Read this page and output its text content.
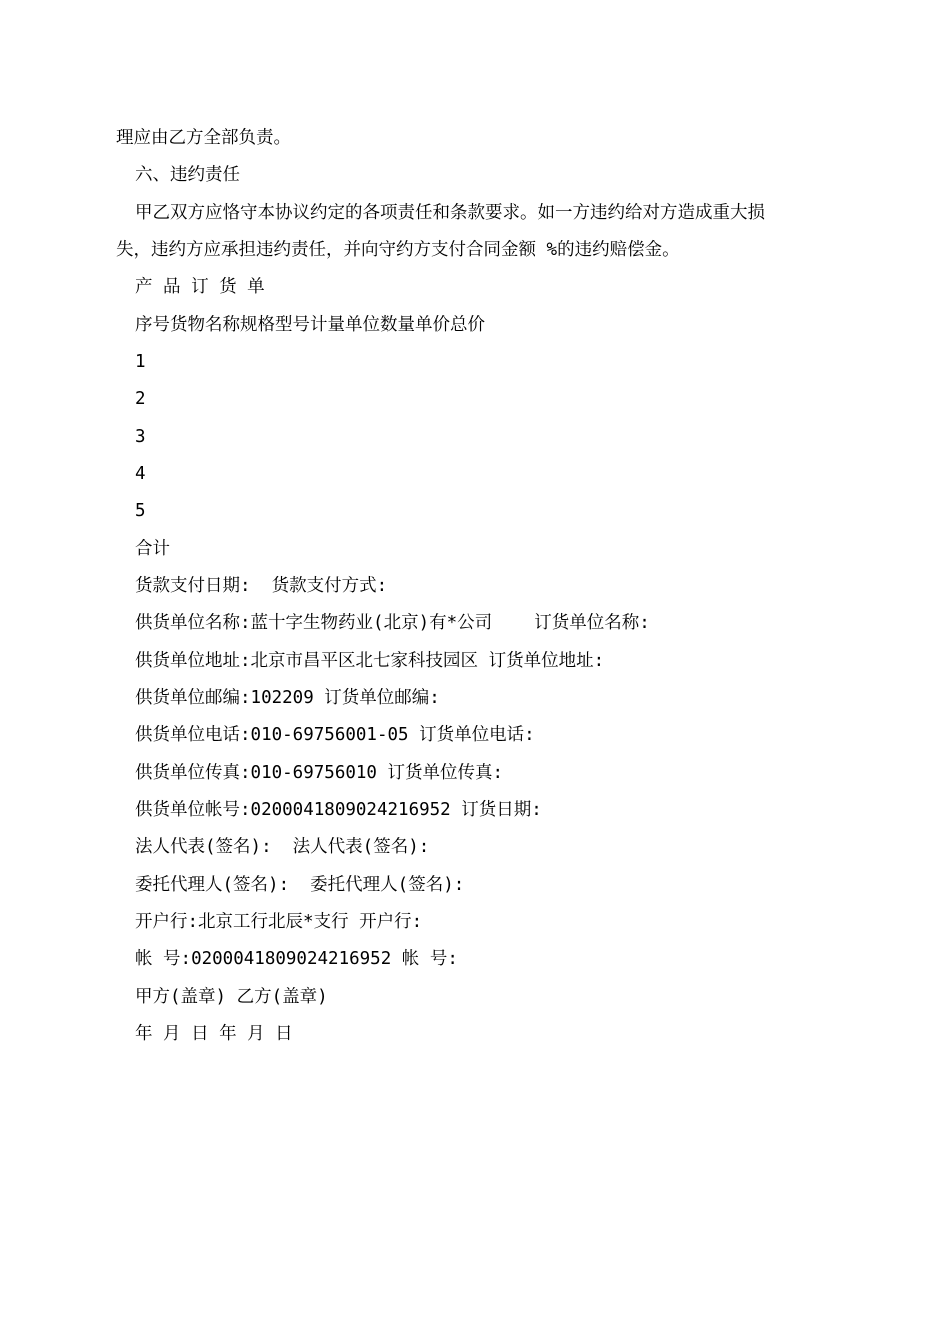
理应由乙方全部负责。
六、违约责任
甲乙双方应恪守本协议约定的各项责任和条款要求。如一方违约给对方造成重大损
失，违约方应承担违约责任，并向守约方支付合同金额 %的违约赔偿金。
产 品 订 货 单
序号货物名称规格型号计量单位数量单价总价
1
2
3
4
5
合计
货款支付日期:  货款支付方式:
供货单位名称:蓝十字生物药业(北京)有*公司    订货单位名称:
供货单位地址:北京市昌平区北七家科技园区 订货单位地址:
供货单位邮编:102209 订货单位邮编:
供货单位电话:010-69756001-05 订货单位电话:
供货单位传真:010-69756010 订货单位传真:
供货单位帐号:0200041809024216952 订货日期:
法人代表(签名):  法人代表(签名):
委托代理人(签名):  委托代理人(签名):
开户行:北京工行北辰*支行 开户行:
帐 号:0200041809024216952 帐 号:
甲方(盖章) 乙方(盖章)
年 月 日 年 月 日
